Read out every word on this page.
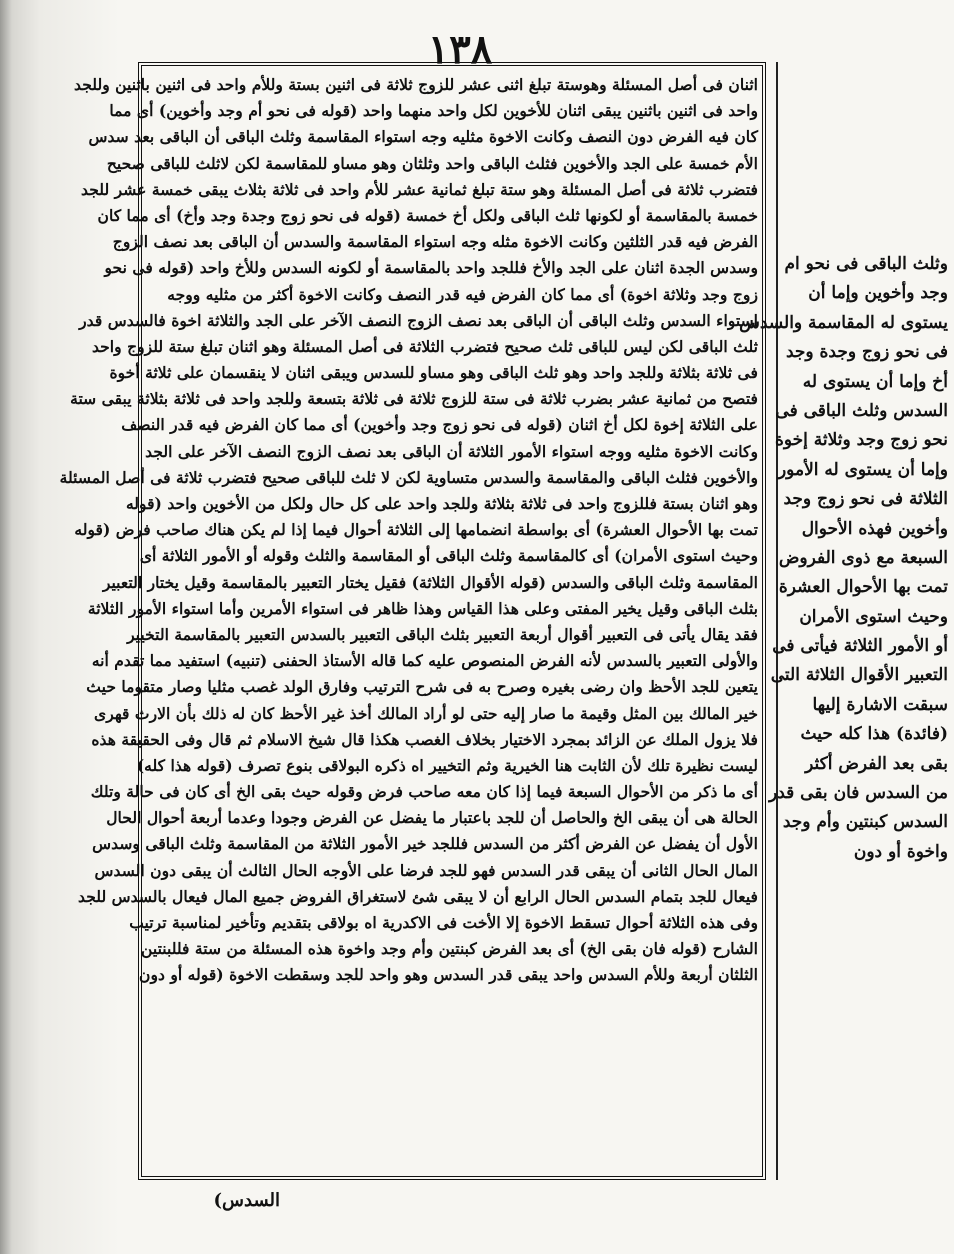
١٣٨
اثنان فى أصل المسئلة وهوستة تبلغ اثنى عشر للزوج ثلاثة فى اثنين بستة وللأم واحد فى اثنين باثنين وللجد
واحد فى اثنين باثنين يبقى اثنان للأخوين لكل واحد منهما واحد (قوله فى نحو أم وجد وأخوين) أى مما
كان فيه الفرض دون النصف وكانت الاخوة مثليه وجه استواء المقاسمة وثلث الباقى أن الباقى بعد سدس
الأم خمسة على الجد والأخوين فثلث الباقى واحد وثلثان وهو مساو للمقاسمة لكن لاثلث للباقى صحيح
فتضرب ثلاثة فى أصل المسئلة وهو ستة تبلغ ثمانية عشر للأم واحد فى ثلاثة بثلاث يبقى خمسة عشر للجد
خمسة بالمقاسمة أو لكونها ثلث الباقى ولكل أخ خمسة (قوله فى نحو زوج وجدة وجد وأخ) أى مما كان
الفرض فيه قدر الثلثين وكانت الاخوة مثله وجه استواء المقاسمة والسدس أن الباقى بعد نصف الزوج
وسدس الجدة اثنان على الجد والأخ فللجد واحد بالمقاسمة أو لكونه السدس وللأخ واحد (قوله فى نحو
زوج وجد وثلاثة اخوة) أى مما كان الفرض فيه قدر النصف وكانت الاخوة أكثر من مثليه ووجه
استواء السدس وثلث الباقى أن الباقى بعد نصف الزوج النصف الآخر على الجد والثلاثة اخوة فالسدس قدر
ثلث الباقى لكن ليس للباقى ثلث صحيح فتضرب الثلاثة فى أصل المسئلة وهو اثنان تبلغ ستة للزوج واحد
فى ثلاثة بثلاثة وللجد واحد وهو ثلث الباقى وهو مساو للسدس ويبقى اثنان لا ينقسمان على ثلاثة أخوة
فتصح من ثمانية عشر بضرب ثلاثة فى ستة للزوج ثلاثة فى ثلاثة بتسعة وللجد واحد فى ثلاثة بثلاثة يبقى ستة
على الثلاثة إخوة لكل أخ اثنان (قوله فى نحو زوج وجد وأخوين) أى مما كان الفرض فيه قدر النصف
وكانت الاخوة مثليه ووجه استواء الأمور الثلاثة أن الباقى بعد نصف الزوج النصف الآخر على الجد
والأخوين فثلث الباقى والمقاسمة والسدس متساوية لكن لا ثلث للباقى صحيح فتضرب ثلاثة فى أصل المسئلة
وهو اثنان بستة فللزوج واحد فى ثلاثة بثلاثة وللجد واحد على كل حال ولكل من الأخوين واحد (قوله
تمت بها الأحوال العشرة) أى بواسطة انضمامها إلى الثلاثة أحوال فيما إذا لم يكن هناك صاحب فرض (قوله
وحيث استوى الأمران) أى كالمقاسمة وثلث الباقى أو المقاسمة والثلث وقوله أو الأمور الثلاثة أى
المقاسمة وثلث الباقى والسدس (قوله الأقوال الثلاثة) فقيل يختار التعبير بالمقاسمة وقيل يختار التعبير
بثلث الباقى وقيل يخير المفتى وعلى هذا القياس وهذا ظاهر فى استواء الأمرين وأما استواء الأمور الثلاثة
فقد يقال يأتى فى التعبير أقوال أربعة التعبير بثلث الباقى التعبير بالسدس التعبير بالمقاسمة التخيير
والأولى التعبير بالسدس لأنه الفرض المنصوص عليه كما قاله الأستاذ الحفنى (تنبيه) استفيد مما تقدم أنه
يتعين للجد الأحظ وان رضى بغيره وصرح به فى شرح الترتيب وفارق الولد غصب مثليا وصار متقوما حيث
خير المالك بين المثل وقيمة ما صار إليه حتى لو أراد المالك أخذ غير الأحظ كان له ذلك بأن الارث قهرى
فلا يزول الملك عن الزائد بمجرد الاختيار بخلاف الغصب هكذا قال شيخ الاسلام ثم قال وفى الحقيقة هذه
ليست نظيرة تلك لأن الثابت هنا الخيرية وثم التخيير اه ذكره البولاقى بنوع تصرف (قوله هذا كله)
أى ما ذكر من الأحوال السبعة فيما إذا كان معه صاحب فرض وقوله حيث بقى الخ أى كان فى حالة وتلك
الحالة هى أن يبقى الخ والحاصل أن للجد باعتبار ما يفضل عن الفرض وجودا وعدما أربعة أحوال الحال
الأول أن يفضل عن الفرض أكثر من السدس فللجد خير الأمور الثلاثة من المقاسمة وثلث الباقى وسدس
المال الحال الثانى أن يبقى قدر السدس فهو للجد فرضا على الأوجه الحال الثالث أن يبقى دون السدس
فيعال للجد بتمام السدس الحال الرابع أن لا يبقى شئ لاستغراق الفروض جميع المال فيعال بالسدس للجد
وفى هذه الثلاثة أحوال تسقط الاخوة إلا الأخت فى الاكدرية اه بولاقى بتقديم وتأخير لمناسبة ترتيب
الشارح (قوله فان بقى الخ) أى بعد الفرض كبنتين وأم وجد واخوة هذه المسئلة من ستة فللبنتين
الثلثان أربعة وللأم السدس واحد يبقى قدر السدس وهو واحد للجد وسقطت الاخوة (قوله أو دون
وثلث الباقى فى نحو ام
وجد وأخوين وإما أن
يستوى له المقاسمة والسدس
فى نحو زوج وجدة وجد
أخ وإما أن يستوى له
السدس وثلث الباقى فى
نحو زوج وجد وثلاثة إخوة
وإما أن يستوى له الأمور
الثلاثة فى نحو زوج وجد
وأخوين فهذه الأحوال
السبعة مع ذوى الفروض
تمت بها الأحوال العشرة
وحيث استوى الأمران
أو الأمور الثلاثة فيأتى فى
التعبير الأقوال الثلاثة التى
سبقت الاشارة إليها
(فائدة) هذا كله حيث
بقى بعد الفرض أكثر
من السدس فان بقى قدر
السدس كبنتين وأم وجد
واخوة أو دون
السدس)
